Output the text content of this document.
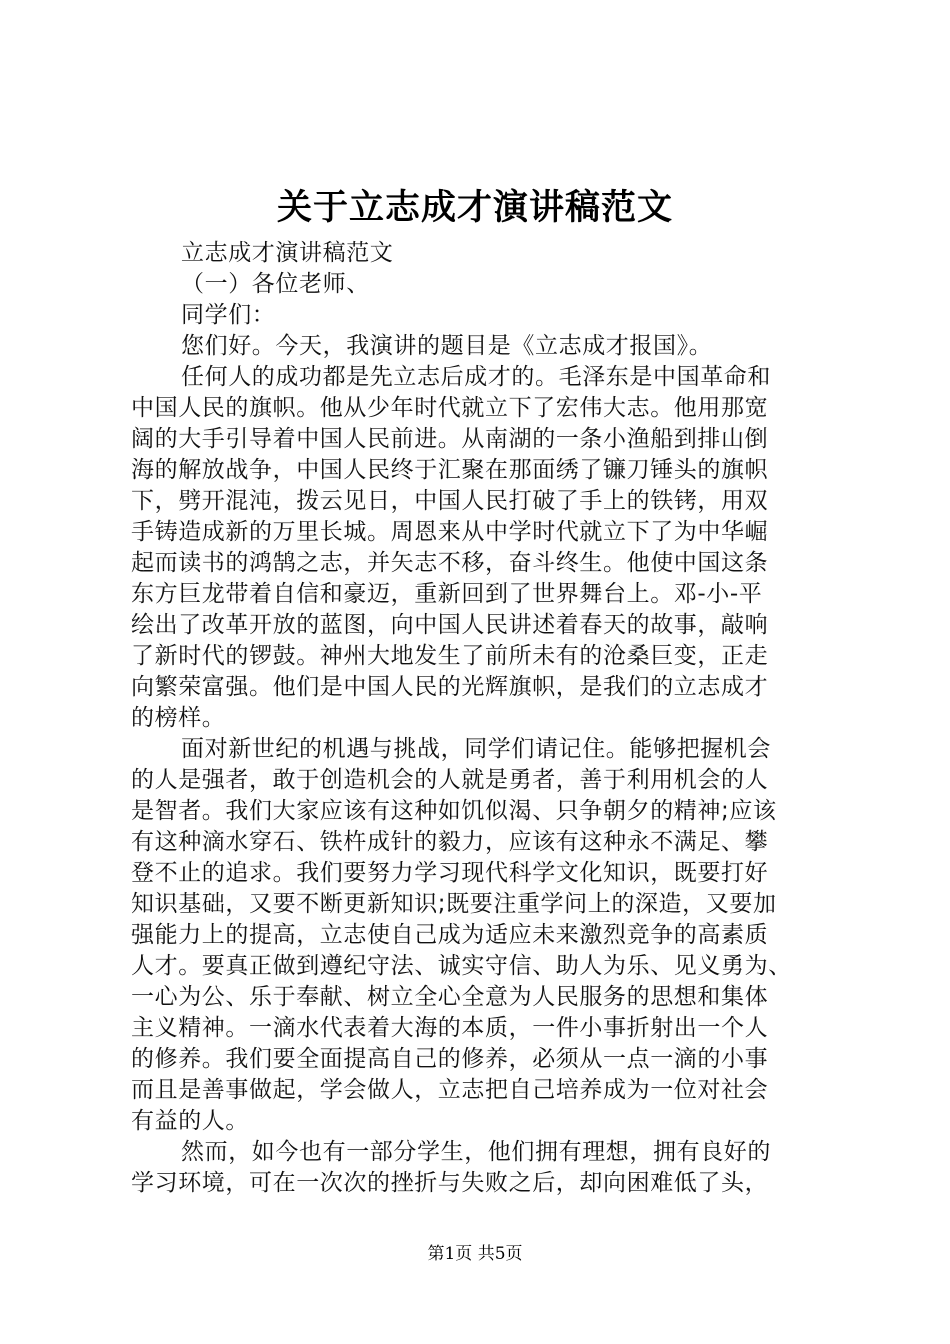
关于立志成才演讲稿范文
立志成才演讲稿范文
（一）各位老师、
同学们：
您们好。今天，我演讲的题目是《立志成才报国》。
任何人的成功都是先立志后成才的。毛泽东是中国革命和
中国人民的旗帜。他从少年时代就立下了宏伟大志。他用那宽
阔的大手引导着中国人民前进。从南湖的一条小渔船到排山倒
海的解放战争，中国人民终于汇聚在那面绣了镰刀锤头的旗帜
下，劈开混沌，拨云见日，中国人民打破了手上的铁铐，用双
手铸造成新的万里长城。周恩来从中学时代就立下了为中华崛
起而读书的鸿鹄之志，并矢志不移，奋斗终生。他使中国这条
东方巨龙带着自信和豪迈，重新回到了世界舞台上。邓-小-平
绘出了改革开放的蓝图，向中国人民讲述着春天的故事，敲响
了新时代的锣鼓。神州大地发生了前所未有的沧桑巨变，正走
向繁荣富强。他们是中国人民的光辉旗帜，是我们的立志成才
的榜样。
面对新世纪的机遇与挑战，同学们请记住。能够把握机会
的人是强者，敢于创造机会的人就是勇者，善于利用机会的人
是智者。我们大家应该有这种如饥似渴、只争朝夕的精神;应该
有这种滴水穿石、铁杵成针的毅力，应该有这种永不满足、攀
登不止的追求。我们要努力学习现代科学文化知识，既要打好
知识基础，又要不断更新知识;既要注重学问上的深造，又要加
强能力上的提高，立志使自己成为适应未来激烈竞争的高素质
人才。要真正做到遵纪守法、诚实守信、助人为乐、见义勇为、
一心为公、乐于奉献、树立全心全意为人民服务的思想和集体
主义精神。一滴水代表着大海的本质，一件小事折射出一个人
的修养。我们要全面提高自己的修养，必须从一点一滴的小事
而且是善事做起，学会做人，立志把自己培养成为一位对社会
有益的人。
然而，如今也有一部分学生，他们拥有理想，拥有良好的
学习环境，可在一次次的挫折与失败之后，却向困难低了头，
第1页 共5页
